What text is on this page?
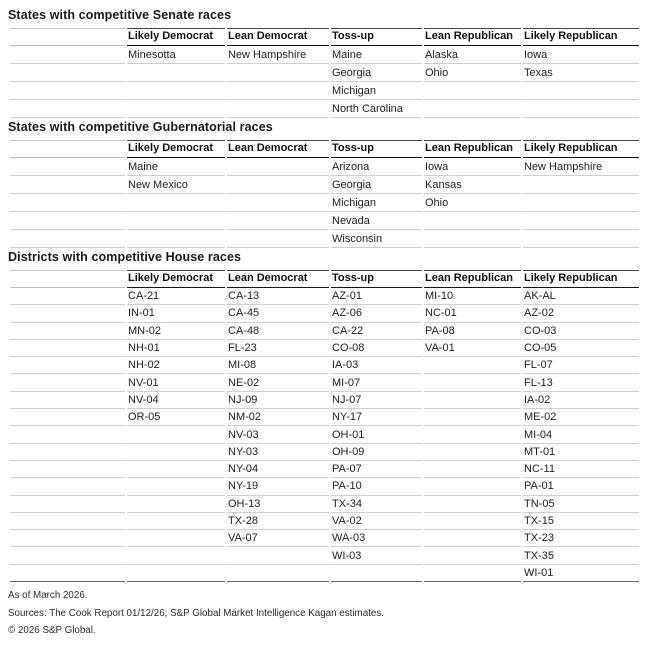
States with competitive Senate races
	Likely Democrat	Lean Democrat	Toss-up	Lean Republican	Likely Republican
	Minesotta	New Hampshire	Maine	Alaska	Iowa
			Georgia	Ohio	Texas
			Michigan		
			North Carolina		
States with competitive Gubernatorial races
	Likely Democrat	Lean Democrat	Toss-up	Lean Republican	Likely Republican
	Maine		Arizona	Iowa	New Hampshire
	New Mexico		Georgia	Kansas	
			Michigan	Ohio	
			Nevada		
			Wisconsin		
Districts with competitive House races
	Likely Democrat	Lean Democrat	Toss-up	Lean Republican	Likely Republican
	CA-21	CA-13	AZ-01	MI-10	AK-AL
	IN-01	CA-45	AZ-06	NC-01	AZ-02
	MN-02	CA-48	CA-22	PA-08	CO-03
	NH-01	FL-23	CO-08	VA-01	CO-05
	NH-02	MI-08	IA-03		FL-07
	NV-01	NE-02	MI-07		FL-13
	NV-04	NJ-09	NJ-07		IA-02
	OR-05	NM-02	NY-17		ME-02
		NV-03	OH-01		MI-04
		NY-03	OH-09		MT-01
		NY-04	PA-07		NC-11
		NY-19	PA-10		PA-01
		OH-13	TX-34		TN-05
		TX-28	VA-02		TX-15
		VA-07	WA-03		TX-23
			WI-03		TX-35
					WI-01

As of March 2026.

Sources: The Cook Report 01/12/26; S&P Global Market Intelligence Kagan estimates.

© 2026 S&P Global.
